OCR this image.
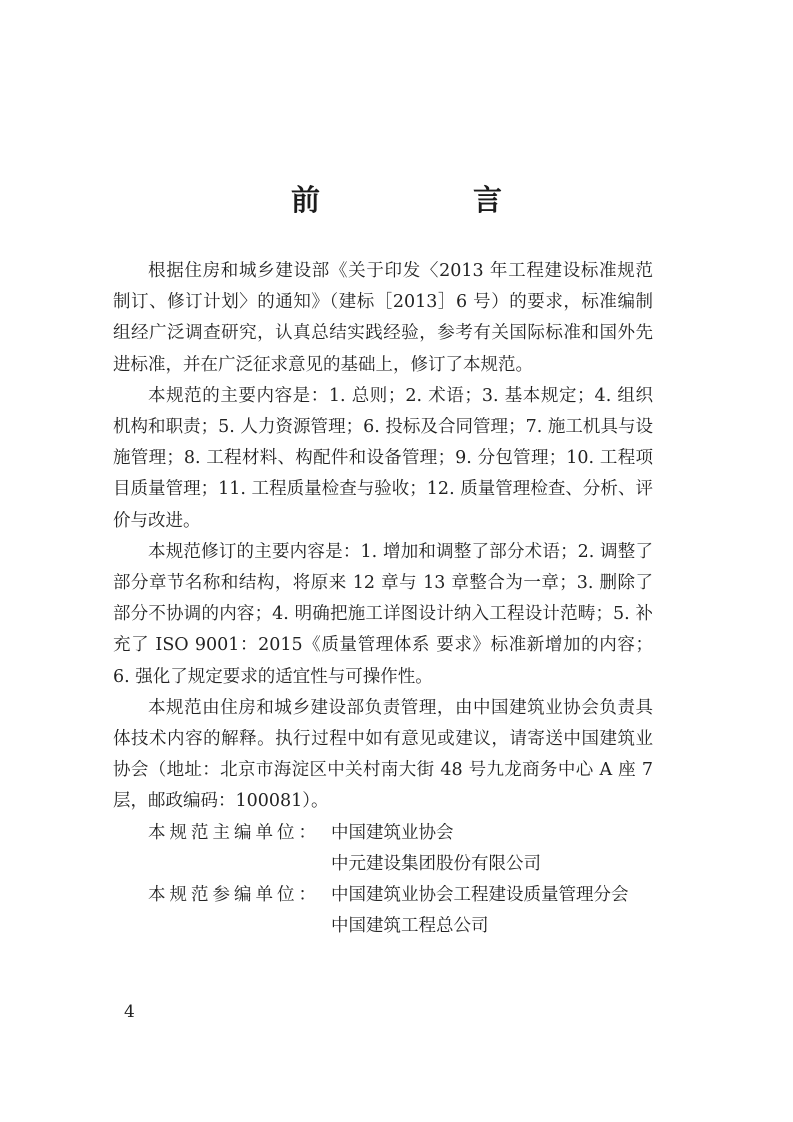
前　言

根据住房和城乡建设部《关于印发〈2013 年工程建设标准规范制订、修订计划〉的通知》（建标［2013］6 号）的要求，标准编制组经广泛调查研究，认真总结实践经验，参考有关国际标准和国外先进标准，并在广泛征求意见的基础上，修订了本规范。

本规范的主要内容是：1. 总则；2. 术语；3. 基本规定；4. 组织机构和职责；5. 人力资源管理；6. 投标及合同管理；7. 施工机具与设施管理；8. 工程材料、构配件和设备管理；9. 分包管理；10. 工程项目质量管理；11. 工程质量检查与验收；12. 质量管理检查、分析、评价与改进。

本规范修订的主要内容是：1. 增加和调整了部分术语；2. 调整了部分章节名称和结构，将原来 12 章与 13 章整合为一章；3. 删除了部分不协调的内容；4. 明确把施工详图设计纳入工程设计范畴；5. 补充了 ISO 9001：2015《质量管理体系 要求》标准新增加的内容；6. 强化了规定要求的适宜性与可操作性。

本规范由住房和城乡建设部负责管理，由中国建筑业协会负责具体技术内容的解释。执行过程中如有意见或建议，请寄送中国建筑业协会（地址：北京市海淀区中关村南大街 48 号九龙商务中心 A 座 7 层，邮政编码：100081）。

本规范主编单位： 中国建筑业协会
中元建设集团股份有限公司
本规范参编单位： 中国建筑业协会工程建设质量管理分会
中国建筑工程总公司
4
